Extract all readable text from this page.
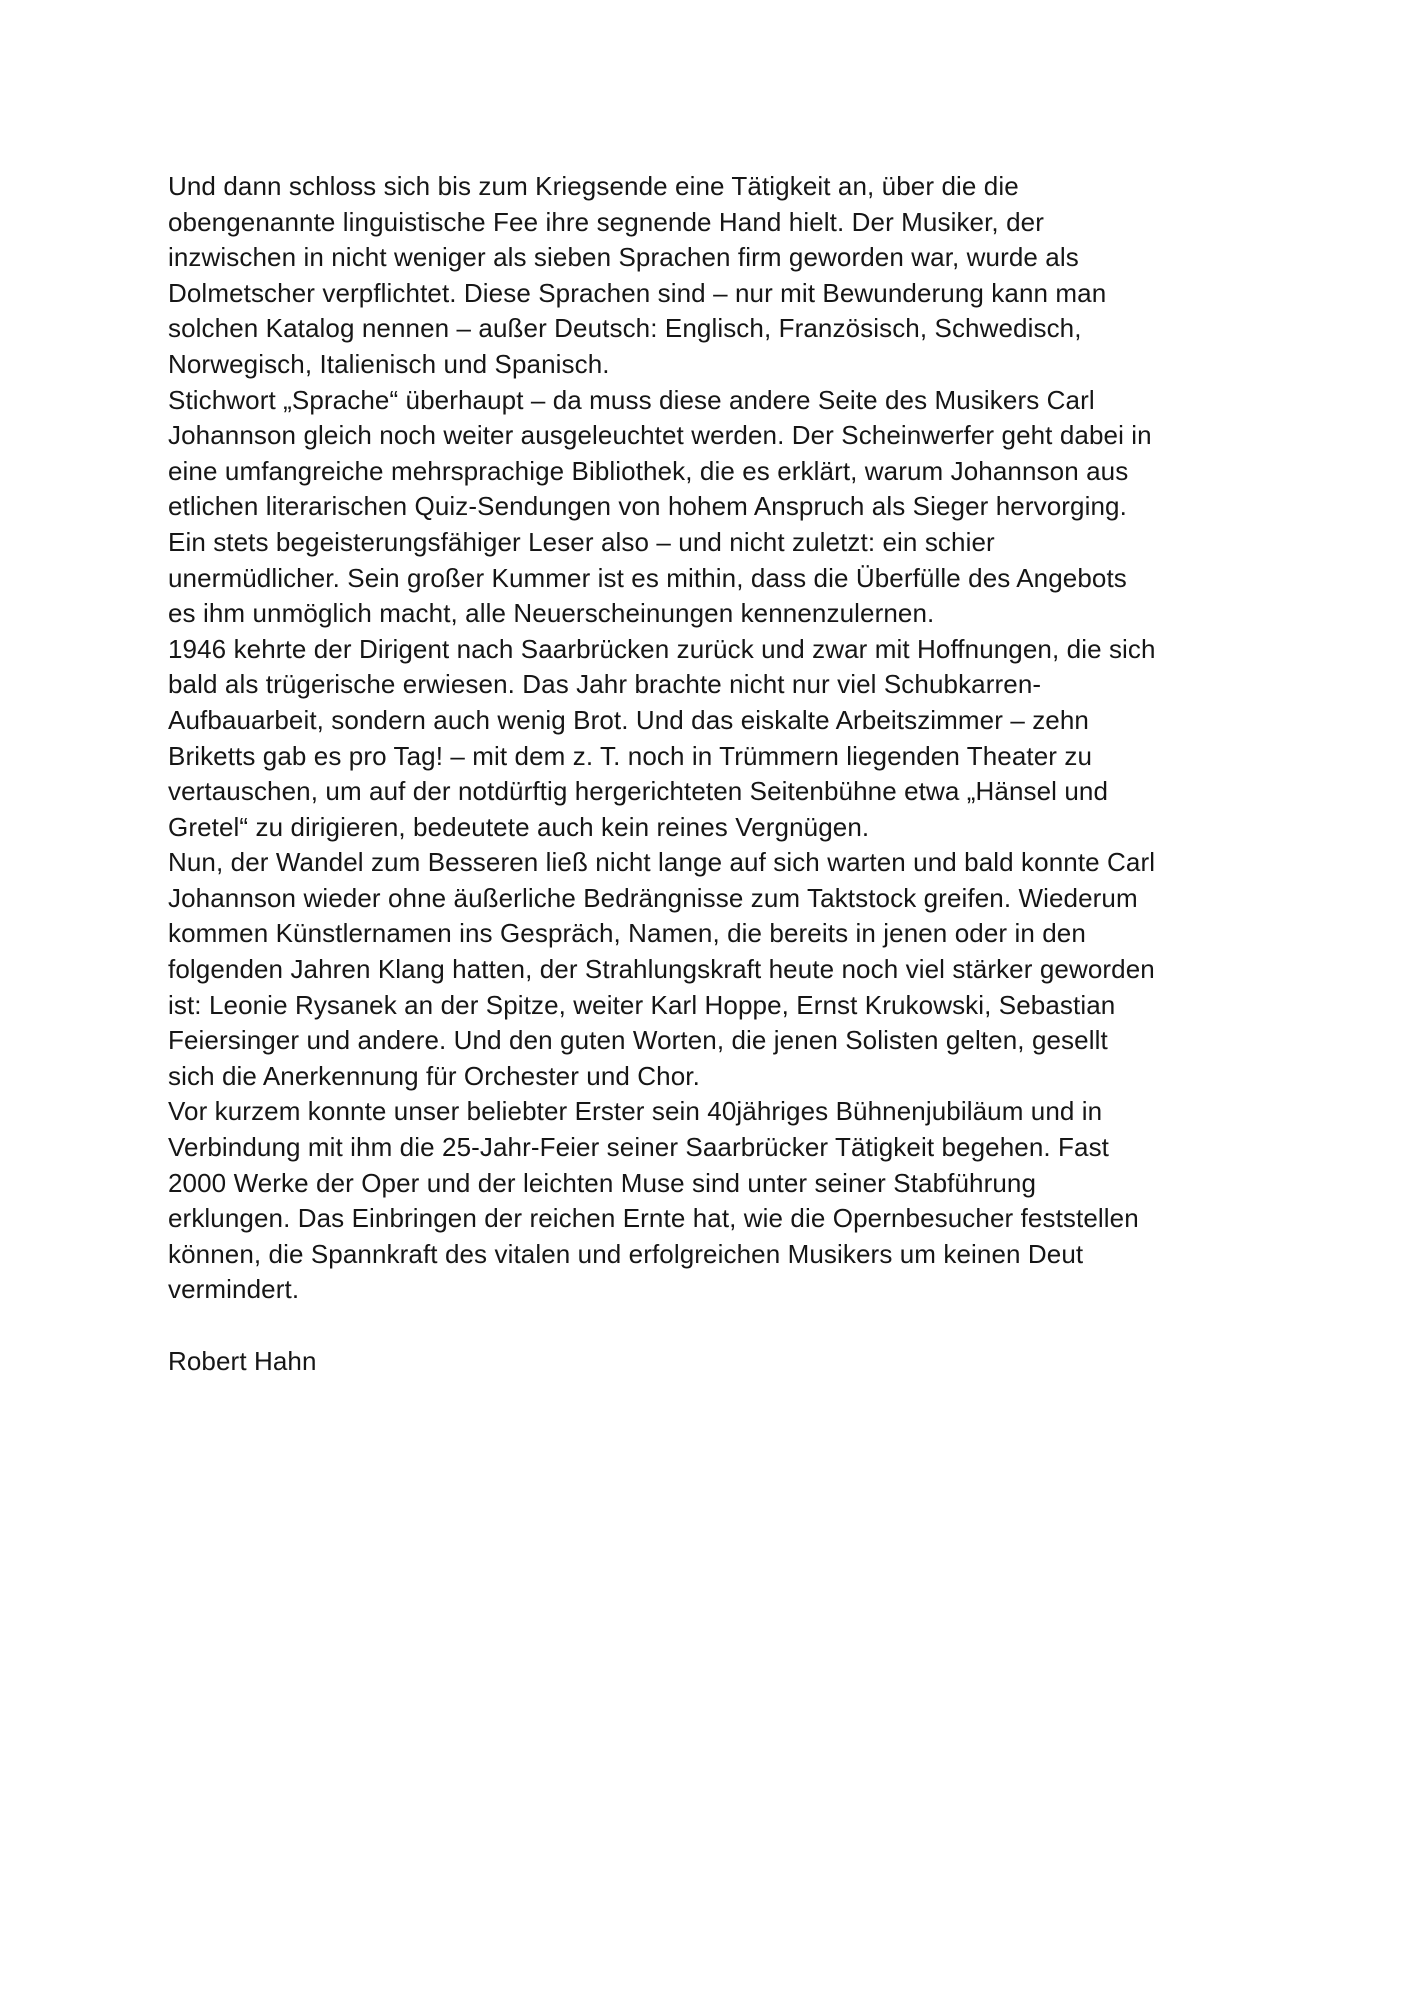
Und dann schloss sich bis zum Kriegsende eine Tätigkeit an, über die die
obengenannte linguistische Fee ihre segnende Hand hielt. Der Musiker, der
inzwischen in nicht weniger als sieben Sprachen firm geworden war, wurde als
Dolmetscher verpflichtet. Diese Sprachen sind – nur mit Bewunderung kann man
solchen Katalog nennen – außer Deutsch: Englisch, Französisch, Schwedisch,
Norwegisch, Italienisch und Spanisch.
Stichwort „Sprache“ überhaupt – da muss diese andere Seite des Musikers Carl
Johannson gleich noch weiter ausgeleuchtet werden. Der Scheinwerfer geht dabei in
eine umfangreiche mehrsprachige Bibliothek, die es erklärt, warum Johannson aus
etlichen literarischen Quiz-Sendungen von hohem Anspruch als Sieger hervorging.
Ein stets begeisterungsfähiger Leser also – und nicht zuletzt: ein schier
unermüdlicher. Sein großer Kummer ist es mithin, dass die Überfülle des Angebots
es ihm unmöglich macht, alle Neuerscheinungen kennenzulernen.
1946 kehrte der Dirigent nach Saarbrücken zurück und zwar mit Hoffnungen, die sich
bald als trügerische erwiesen. Das Jahr brachte nicht nur viel Schubkarren-
Aufbauarbeit, sondern auch wenig Brot. Und das eiskalte Arbeitszimmer – zehn
Briketts gab es pro Tag! – mit dem z. T. noch in Trümmern liegenden Theater zu
vertauschen, um auf der notdürftig hergerichteten Seitenbühne etwa „Hänsel und
Gretel“ zu dirigieren, bedeutete auch kein reines Vergnügen.
Nun, der Wandel zum Besseren ließ nicht lange auf sich warten und bald konnte Carl
Johannson wieder ohne äußerliche Bedrängnisse zum Taktstock greifen. Wiederum
kommen Künstlernamen ins Gespräch, Namen, die bereits in jenen oder in den
folgenden Jahren Klang hatten, der Strahlungskraft heute noch viel stärker geworden
ist: Leonie Rysanek an der Spitze, weiter Karl Hoppe, Ernst Krukowski, Sebastian
Feiersinger und andere. Und den guten Worten, die jenen Solisten gelten, gesellt
sich die Anerkennung für Orchester und Chor.
Vor kurzem konnte unser beliebter Erster sein 40jähriges Bühnenjubiläum und in
Verbindung mit ihm die 25-Jahr-Feier seiner Saarbrücker Tätigkeit begehen. Fast
2000 Werke der Oper und der leichten Muse sind unter seiner Stabführung
erklungen. Das Einbringen der reichen Ernte hat, wie die Opernbesucher feststellen
können, die Spannkraft des vitalen und erfolgreichen Musikers um keinen Deut
vermindert.
Robert Hahn
